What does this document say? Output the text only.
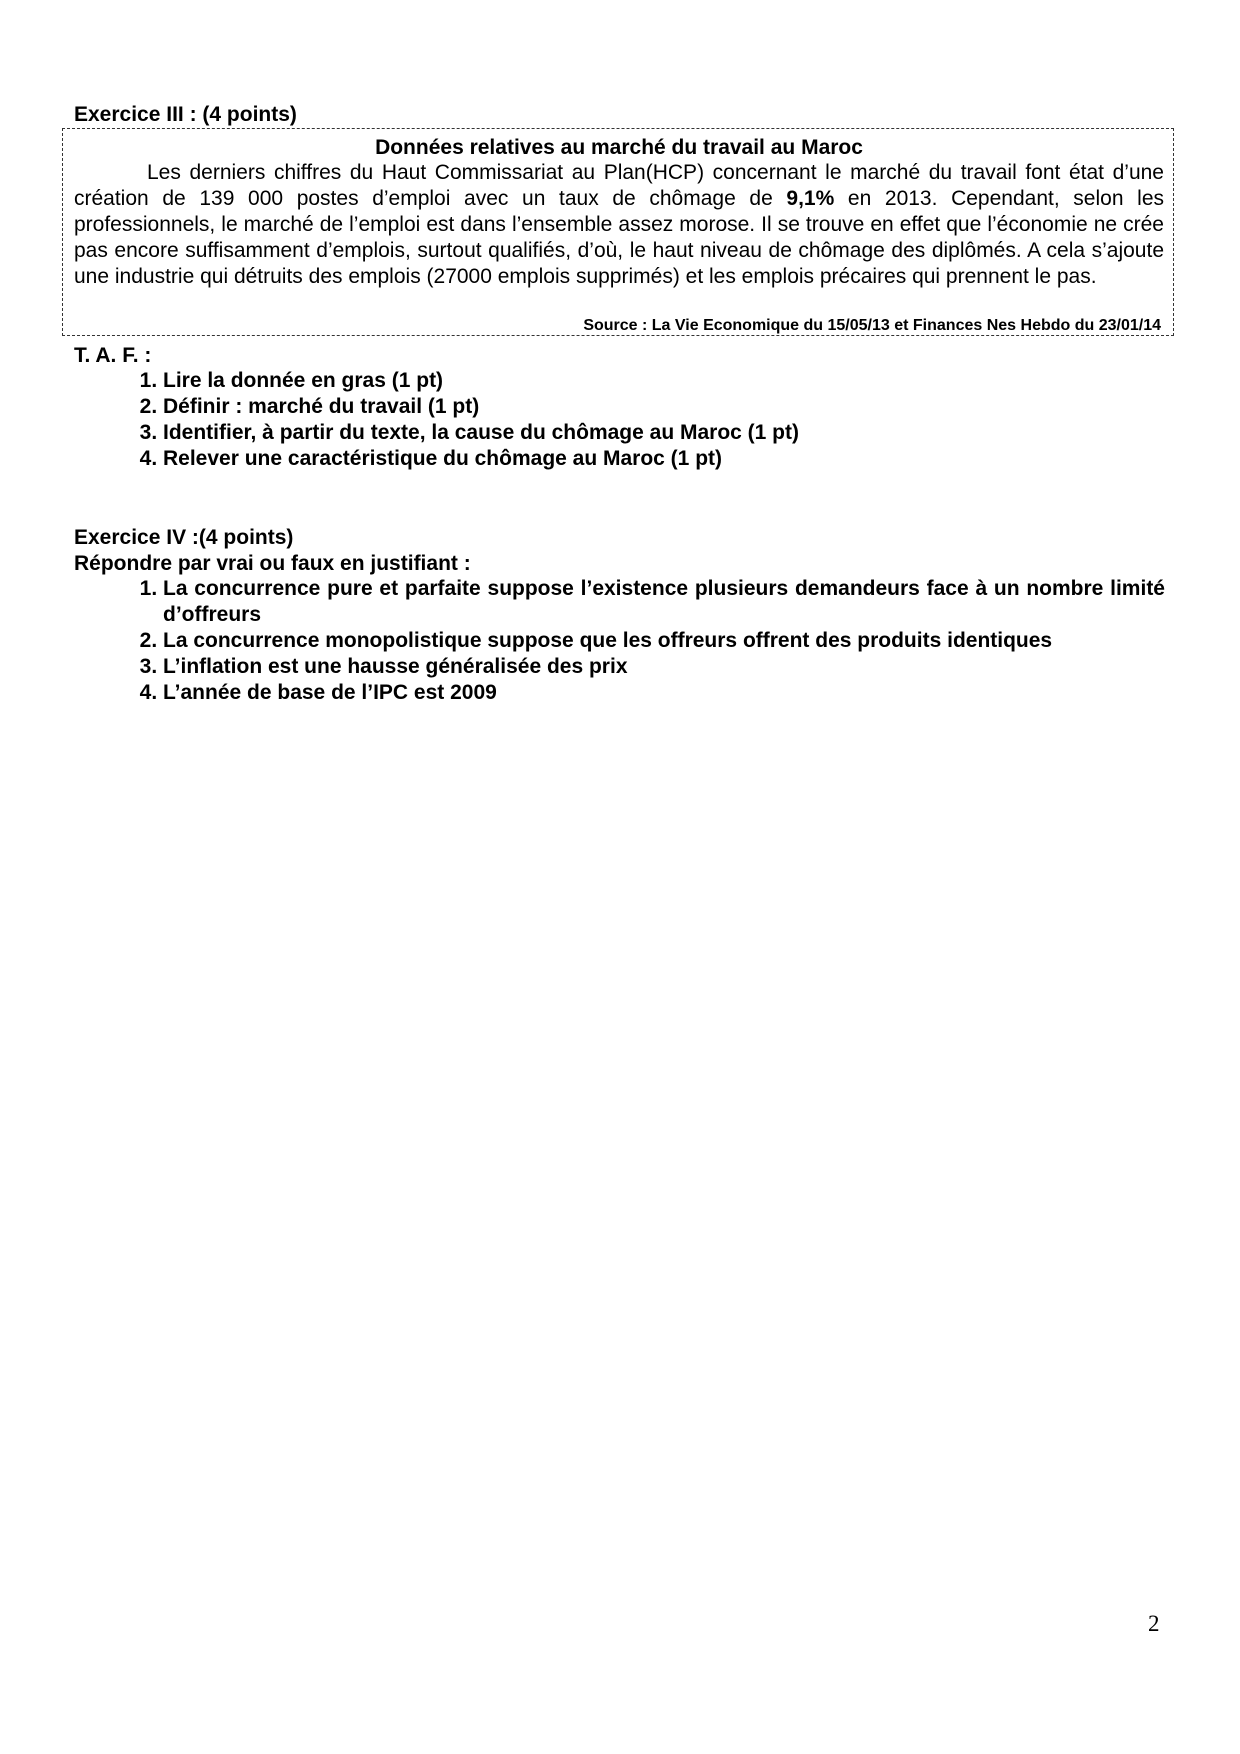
Exercice III : (4 points)
Données relatives au marché du travail au Maroc
Les derniers chiffres du Haut Commissariat au Plan(HCP) concernant le marché du travail font état d’une création de 139 000 postes d’emploi avec un taux de chômage de 9,1% en 2013. Cependant, selon les professionnels, le marché de l’emploi est dans l’ensemble assez morose. Il se trouve en effet que l’économie ne crée pas encore suffisamment d’emplois, surtout qualifiés, d’où, le haut niveau de chômage des diplômés. A cela s’ajoute une industrie qui détruits des emplois (27000 emplois supprimés) et les emplois précaires qui prennent le pas.
Source : La Vie Economique du 15/05/13 et Finances Nes Hebdo du 23/01/14
T. A. F. :
1. Lire la donnée en gras (1 pt)
2. Définir : marché du travail (1 pt)
3. Identifier, à partir du texte, la cause du chômage au Maroc (1 pt)
4. Relever une caractéristique du chômage au Maroc (1 pt)
Exercice IV :(4 points)
Répondre par vrai ou faux en justifiant :
1. La concurrence pure et parfaite suppose l’existence plusieurs demandeurs face à un nombre limité d’offreurs
2. La concurrence monopolistique suppose que les offreurs offrent des produits identiques
3. L’inflation est une hausse généralisée des prix
4. L’année de base de l’IPC est 2009
2
